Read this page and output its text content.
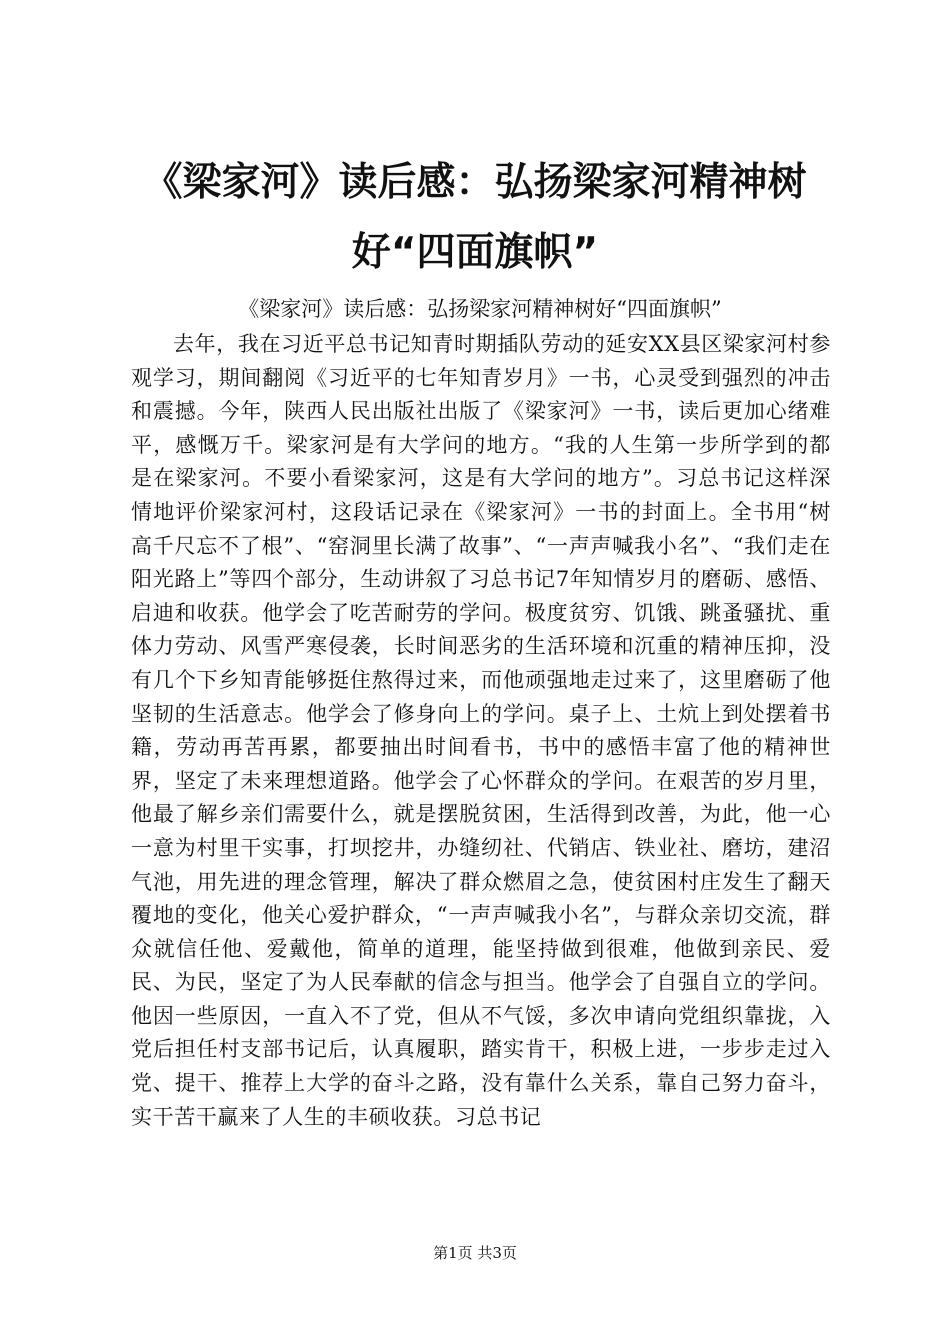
《梁家河》读后感：弘扬梁家河精神树好“四面旗帜”

《梁家河》读后感：弘扬梁家河精神树好“四面旗帜”

去年，我在习近平总书记知青时期插队劳动的延安XX县区梁家河村参观学习，期间翻阅《习近平的七年知青岁月》一书，心灵受到强烈的冲击和震撼。今年，陕西人民出版社出版了《梁家河》一书，读后更加心绪难平，感慨万千。梁家河是有大学问的地方。“我的人生第一步所学到的都是在梁家河。不要小看梁家河，这是有大学问的地方”。习总书记这样深情地评价梁家河村，这段话记录在《梁家河》一书的封面上。全书用“树高千尺忘不了根”、“窑洞里长满了故事”、“一声声喊我小名”、“我们走在阳光路上”等四个部分，生动讲叙了习总书记7年知情岁月的磨砺、感悟、启迪和收获。他学会了吃苦耐劳的学问。极度贫穷、饥饿、跳蚤骚扰、重体力劳动、风雪严寒侵袭，长时间恶劣的生活环境和沉重的精神压抑，没有几个下乡知青能够挺住熬得过来，而他顽强地走过来了，这里磨砺了他坚韧的生活意志。他学会了修身向上的学问。桌子上、土炕上到处摆着书籍，劳动再苦再累，都要抽出时间看书，书中的感悟丰富了他的精神世界，坚定了未来理想道路。他学会了心怀群众的学问。在艰苦的岁月里，他最了解乡亲们需要什么，就是摆脱贫困，生活得到改善，为此，他一心一意为村里干实事，打坝挖井，办缝纫社、代销店、铁业社、磨坊，建沼气池，用先进的理念管理，解决了群众燃眉之急，使贫困村庄发生了翻天覆地的变化，他关心爱护群众，“一声声喊我小名”，与群众亲切交流，群众就信任他、爱戴他，简单的道理，能坚持做到很难，他做到亲民、爱民、为民，坚定了为人民奉献的信念与担当。他学会了自强自立的学问。他因一些原因，一直入不了党，但从不气馁，多次申请向党组织靠拢，入党后担任村支部书记后，认真履职，踏实肯干，积极上进，一步步走过入党、提干、推荐上大学的奋斗之路，没有靠什么关系，靠自己努力奋斗，实干苦干赢来了人生的丰硕收获。习总书记

第1页 共3页
